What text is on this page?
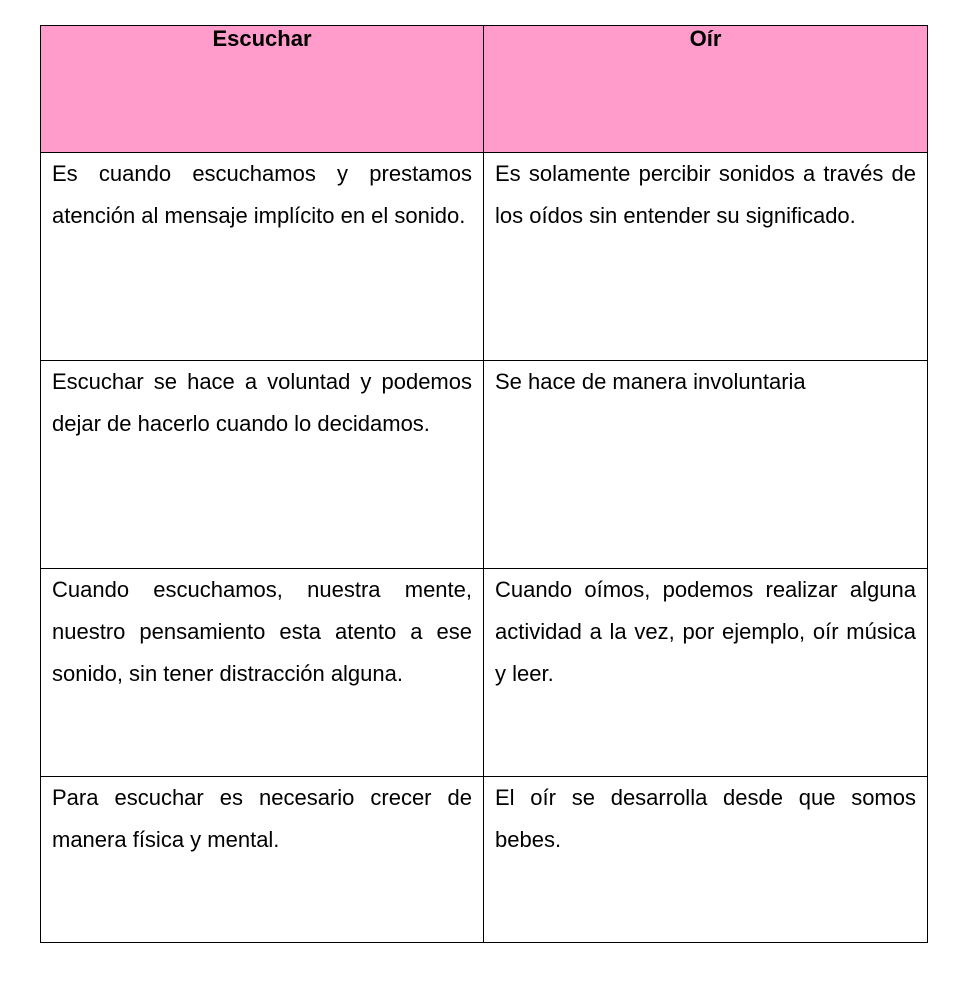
Escuchar	Oír
Es cuando escuchamos y prestamos atención al mensaje implícito en el sonido.	Es solamente percibir sonidos a través de los oídos sin entender su significado.
Escuchar se hace a voluntad y podemos dejar de hacerlo cuando lo decidamos.	Se hace de manera involuntaria
Cuando escuchamos, nuestra mente, nuestro pensamiento esta atento a ese sonido, sin tener distracción alguna.	Cuando oímos, podemos realizar alguna actividad a la vez, por ejemplo, oír música y leer.
Para escuchar es necesario crecer de manera física y mental.	El oír se desarrolla desde que somos bebes.
